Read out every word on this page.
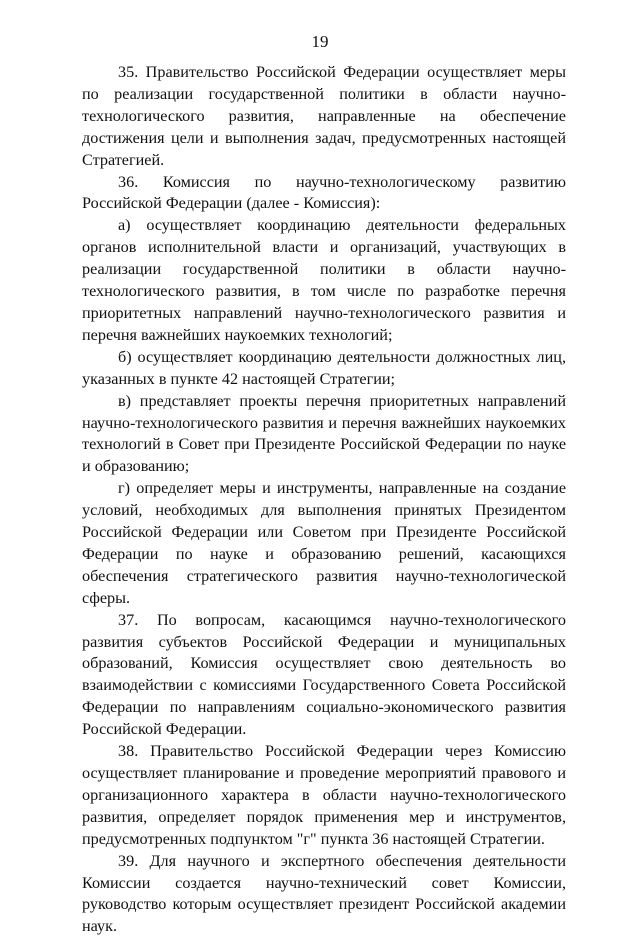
19

35. Правительство Российской Федерации осуществляет меры по реализации государственной политики в области научно-технологического развития, направленные на обеспечение достижения цели и выполнения задач, предусмотренных настоящей Стратегией.

36. Комиссия по научно-технологическому развитию Российской Федерации (далее - Комиссия):

а) осуществляет координацию деятельности федеральных органов исполнительной власти и организаций, участвующих в реализации государственной политики в области научно-технологического развития, в том числе по разработке перечня приоритетных направлений научно-технологического развития и перечня важнейших наукоемких технологий;

б) осуществляет координацию деятельности должностных лиц, указанных в пункте 42 настоящей Стратегии;

в) представляет проекты перечня приоритетных направлений научно-технологического развития и перечня важнейших наукоемких технологий в Совет при Президенте Российской Федерации по науке и образованию;

г) определяет меры и инструменты, направленные на создание условий, необходимых для выполнения принятых Президентом Российской Федерации или Советом при Президенте Российской Федерации по науке и образованию решений, касающихся обеспечения стратегического развития научно-технологической сферы.

37. По вопросам, касающимся научно-технологического развития субъектов Российской Федерации и муниципальных образований, Комиссия осуществляет свою деятельность во взаимодействии с комиссиями Государственного Совета Российской Федерации по направлениям социально-экономического развития Российской Федерации.

38. Правительство Российской Федерации через Комиссию осуществляет планирование и проведение мероприятий правового и организационного характера в области научно-технологического развития, определяет порядок применения мер и инструментов, предусмотренных подпунктом "г" пункта 36 настоящей Стратегии.

39. Для научного и экспертного обеспечения деятельности Комиссии создается научно-технический совет Комиссии, руководство которым осуществляет президент Российской академии наук.
